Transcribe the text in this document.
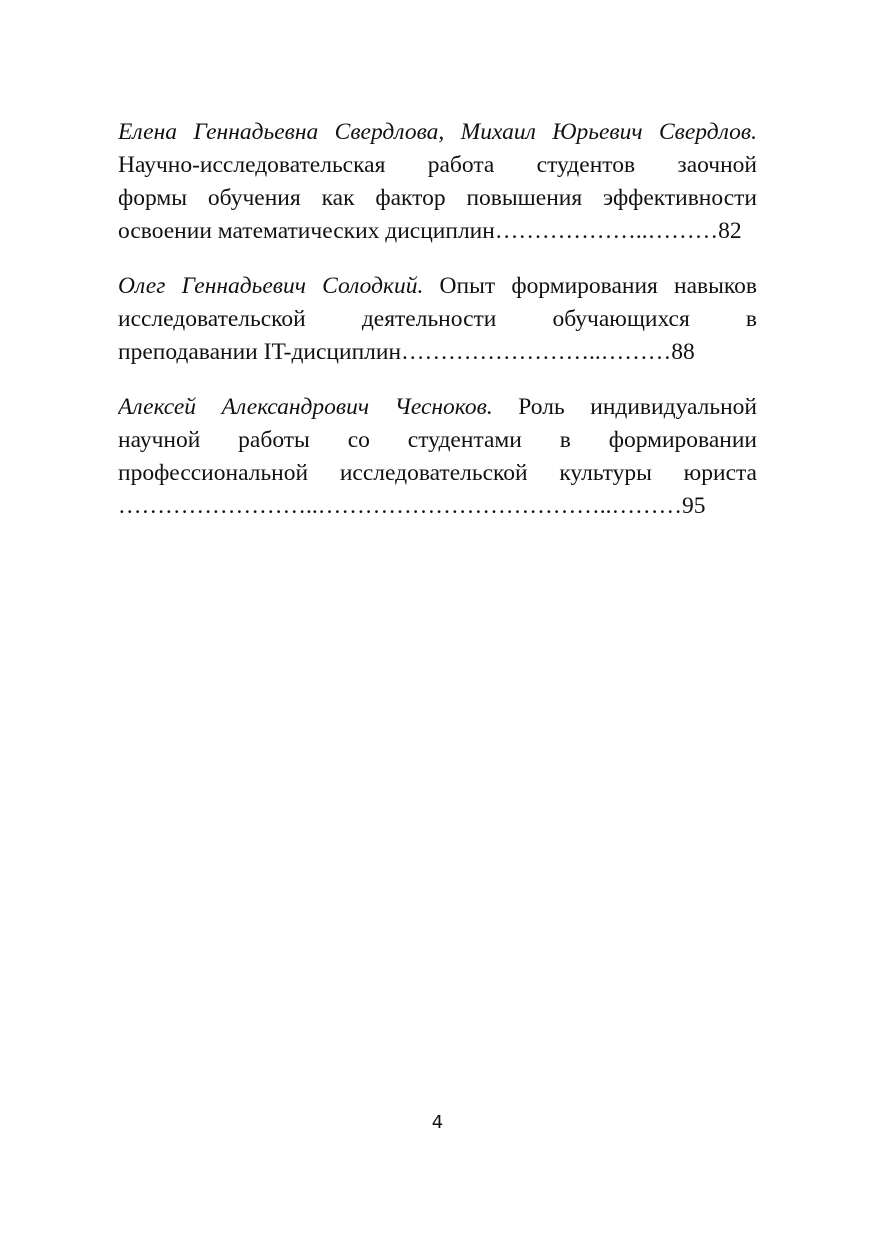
Елена Геннадьевна Свердлова, Михаил Юрьевич Свердлов.
Научно-исследовательская работа студентов заочной
формы обучения как фактор повышения эффективности
освоении математических дисциплин………………..………82
Олег Геннадьевич Солодкий. Опыт формирования навыков
исследовательской деятельности обучающихся в
преподавании IT-дисциплин……………………..………88
Алексей Александрович Чесноков. Роль индивидуальной
научной работы со студентами в формировании
профессиональной исследовательской культуры юриста
……………………..………………………………..………95
4
